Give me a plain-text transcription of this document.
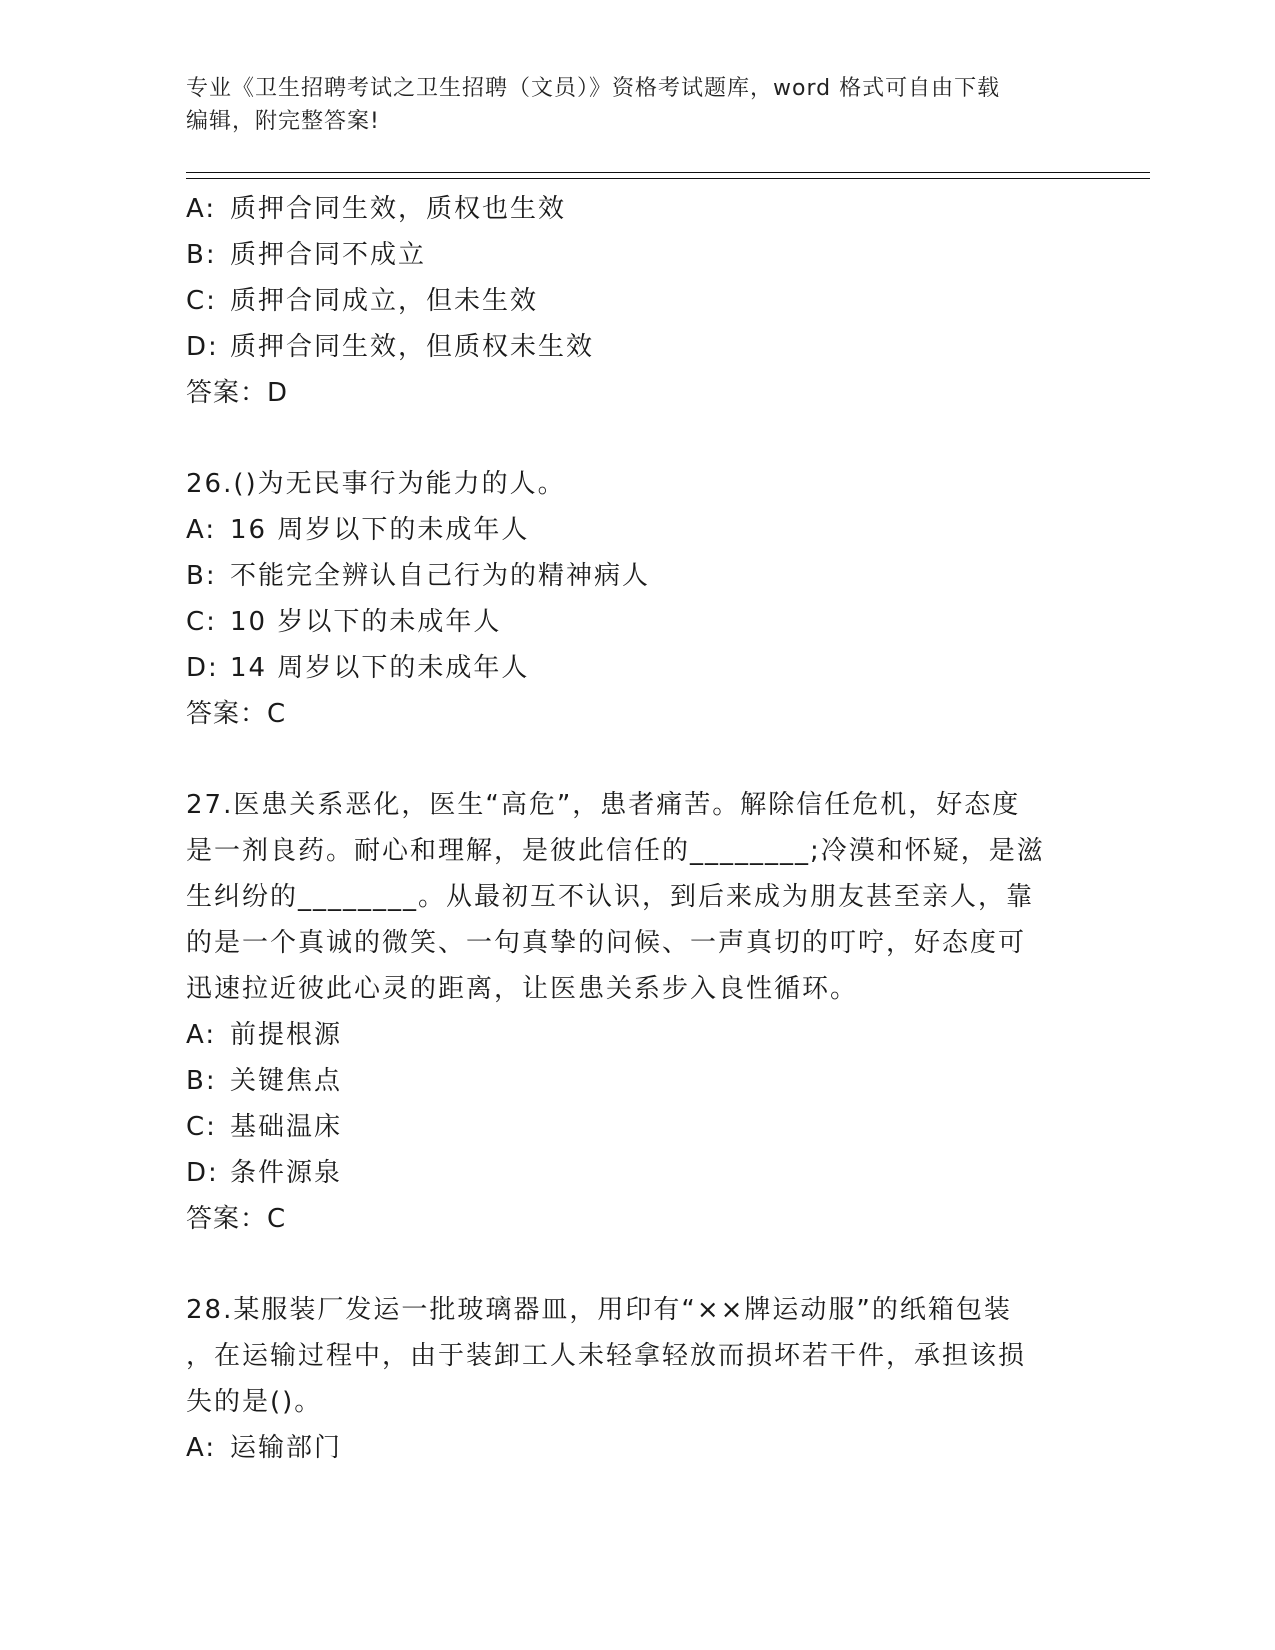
专业《卫生招聘考试之卫生招聘（文员）》资格考试题库，word 格式可自由下载
编辑，附完整答案!
A: 质押合同生效，质权也生效
B: 质押合同不成立
C: 质押合同成立，但未生效
D: 质押合同生效，但质权未生效
答案：D
26.()为无民事行为能力的人。
A: 16 周岁以下的未成年人
B: 不能完全辨认自己行为的精神病人
C: 10 岁以下的未成年人
D: 14 周岁以下的未成年人
答案：C
27.医患关系恶化，医生“高危”，患者痛苦。解除信任危机，好态度
是一剂良药。耐心和理解，是彼此信任的________;冷漠和怀疑，是滋
生纠纷的________。从最初互不认识，到后来成为朋友甚至亲人，靠
的是一个真诚的微笑、一句真挚的问候、一声真切的叮咛，好态度可
迅速拉近彼此心灵的距离，让医患关系步入良性循环。
A: 前提根源
B: 关键焦点
C: 基础温床
D: 条件源泉
答案：C
28.某服装厂发运一批玻璃器皿，用印有“××牌运动服”的纸箱包装
，在运输过程中，由于装卸工人未轻拿轻放而损坏若干件，承担该损
失的是()。
A: 运输部门
